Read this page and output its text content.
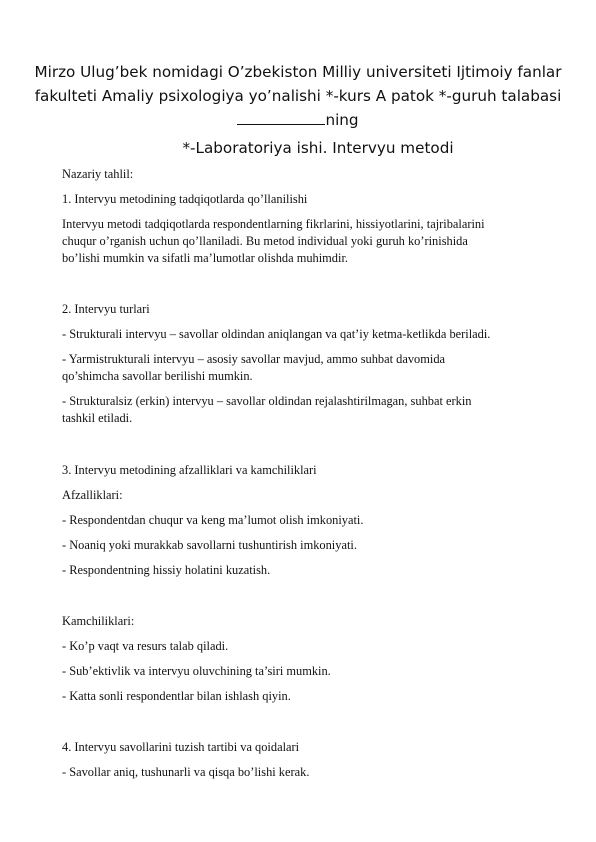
Mirzo Ulug’bek nomidagi O’zbekiston Milliy universiteti Ijtimoiy fanlar
fakulteti Amaliy psixologiya yo’nalishi *-kurs A patok *-guruh talabasi
ning
*-Laboratoriya ishi. Intervyu metodi
Nazariy tahlil:
1. Intervyu metodining tadqiqotlarda qo’llanilishi
Intervyu metodi tadqiqotlarda respondentlarning fikrlarini, hissiyotlarini, tajribalarini
chuqur o’rganish uchun qo’llaniladi. Bu metod individual yoki guruh ko’rinishida
bo’lishi mumkin va sifatli ma’lumotlar olishda muhimdir.
2. Intervyu turlari
- Strukturali intervyu – savollar oldindan aniqlangan va qat’iy ketma-ketlikda beriladi.
- Yarmistrukturali intervyu – asosiy savollar mavjud, ammo suhbat davomida
qo’shimcha savollar berilishi mumkin.
- Strukturalsiz (erkin) intervyu – savollar oldindan rejalashtirilmagan, suhbat erkin
tashkil etiladi.
3. Intervyu metodining afzalliklari va kamchiliklari
Afzalliklari:
- Respondentdan chuqur va keng ma’lumot olish imkoniyati.
- Noaniq yoki murakkab savollarni tushuntirish imkoniyati.
- Respondentning hissiy holatini kuzatish.
Kamchiliklari:
- Ko’p vaqt va resurs talab qiladi.
- Sub’ektivlik va intervyu oluvchining ta’siri mumkin.
- Katta sonli respondentlar bilan ishlash qiyin.
4. Intervyu savollarini tuzish tartibi va qoidalari
- Savollar aniq, tushunarli va qisqa bo’lishi kerak.
